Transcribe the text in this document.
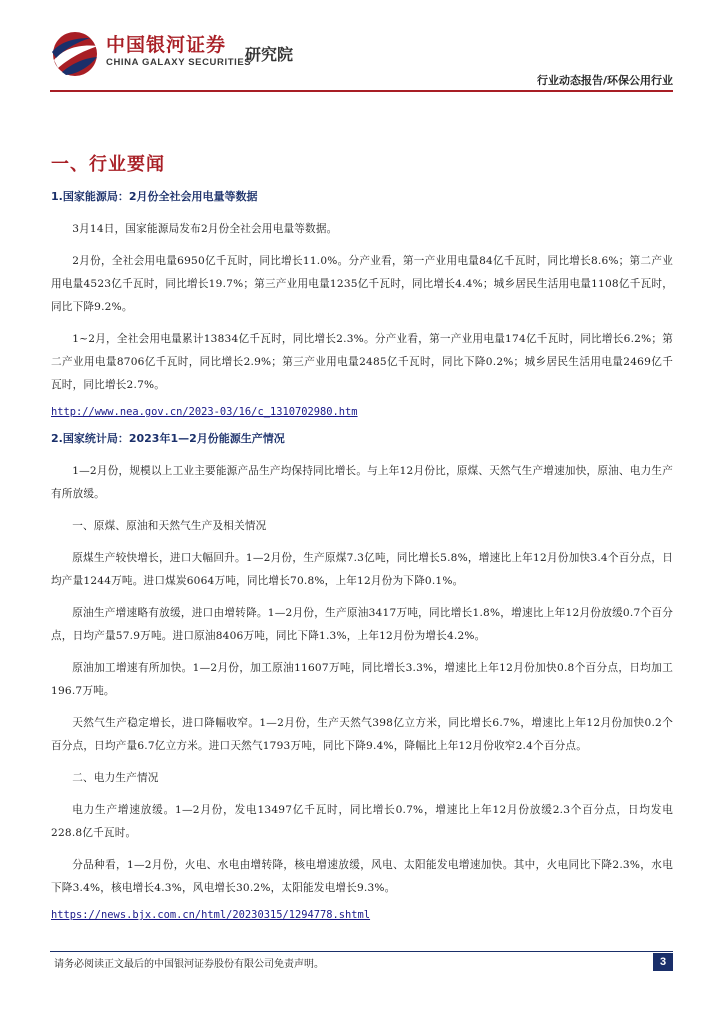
中国银河证券
CHINA GALAXY SECURITIES
研究院
行业动态报告/环保公用行业
一、行业要闻
1.国家能源局：2月份全社会用电量等数据

3月14日，国家能源局发布2月份全社会用电量等数据。

2月份，全社会用电量6950亿千瓦时，同比增长11.0%。分产业看，第一产业用电量84亿千瓦时，同比增长8.6%；第二产业用电量4523亿千瓦时，同比增长19.7%；第三产业用电量1235亿千瓦时，同比增长4.4%；城乡居民生活用电量1108亿千瓦时，同比下降9.2%。

1~2月，全社会用电量累计13834亿千瓦时，同比增长2.3%。分产业看，第一产业用电量174亿千瓦时，同比增长6.2%；第二产业用电量8706亿千瓦时，同比增长2.9%；第三产业用电量2485亿千瓦时，同比下降0.2%；城乡居民生活用电量2469亿千瓦时，同比增长2.7%。

http://www.nea.gov.cn/2023-03/16/c_1310702980.htm
2.国家统计局：2023年1—2月份能源生产情况

1—2月份，规模以上工业主要能源产品生产均保持同比增长。与上年12月份比，原煤、天然气生产增速加快，原油、电力生产有所放缓。

一、原煤、原油和天然气生产及相关情况

原煤生产较快增长，进口大幅回升。1—2月份，生产原煤7.3亿吨，同比增长5.8%，增速比上年12月份加快3.4个百分点，日均产量1244万吨。进口煤炭6064万吨，同比增长70.8%，上年12月份为下降0.1%。

原油生产增速略有放缓，进口由增转降。1—2月份，生产原油3417万吨，同比增长1.8%，增速比上年12月份放缓0.7个百分点，日均产量57.9万吨。进口原油8406万吨，同比下降1.3%，上年12月份为增长4.2%。

原油加工增速有所加快。1—2月份，加工原油11607万吨，同比增长3.3%，增速比上年12月份加快0.8个百分点，日均加工196.7万吨。

天然气生产稳定增长，进口降幅收窄。1—2月份，生产天然气398亿立方米，同比增长6.7%，增速比上年12月份加快0.2个百分点，日均产量6.7亿立方米。进口天然气1793万吨，同比下降9.4%，降幅比上年12月份收窄2.4个百分点。

二、电力生产情况

电力生产增速放缓。1—2月份，发电13497亿千瓦时，同比增长0.7%，增速比上年12月份放缓2.3个百分点，日均发电228.8亿千瓦时。

分品种看，1—2月份，火电、水电由增转降，核电增速放缓，风电、太阳能发电增速加快。其中，火电同比下降2.3%，水电下降3.4%，核电增长4.3%，风电增长30.2%，太阳能发电增长9.3%。

https://news.bjx.com.cn/html/20230315/1294778.shtml
请务必阅读正文最后的中国银河证券股份有限公司免责声明。	3
